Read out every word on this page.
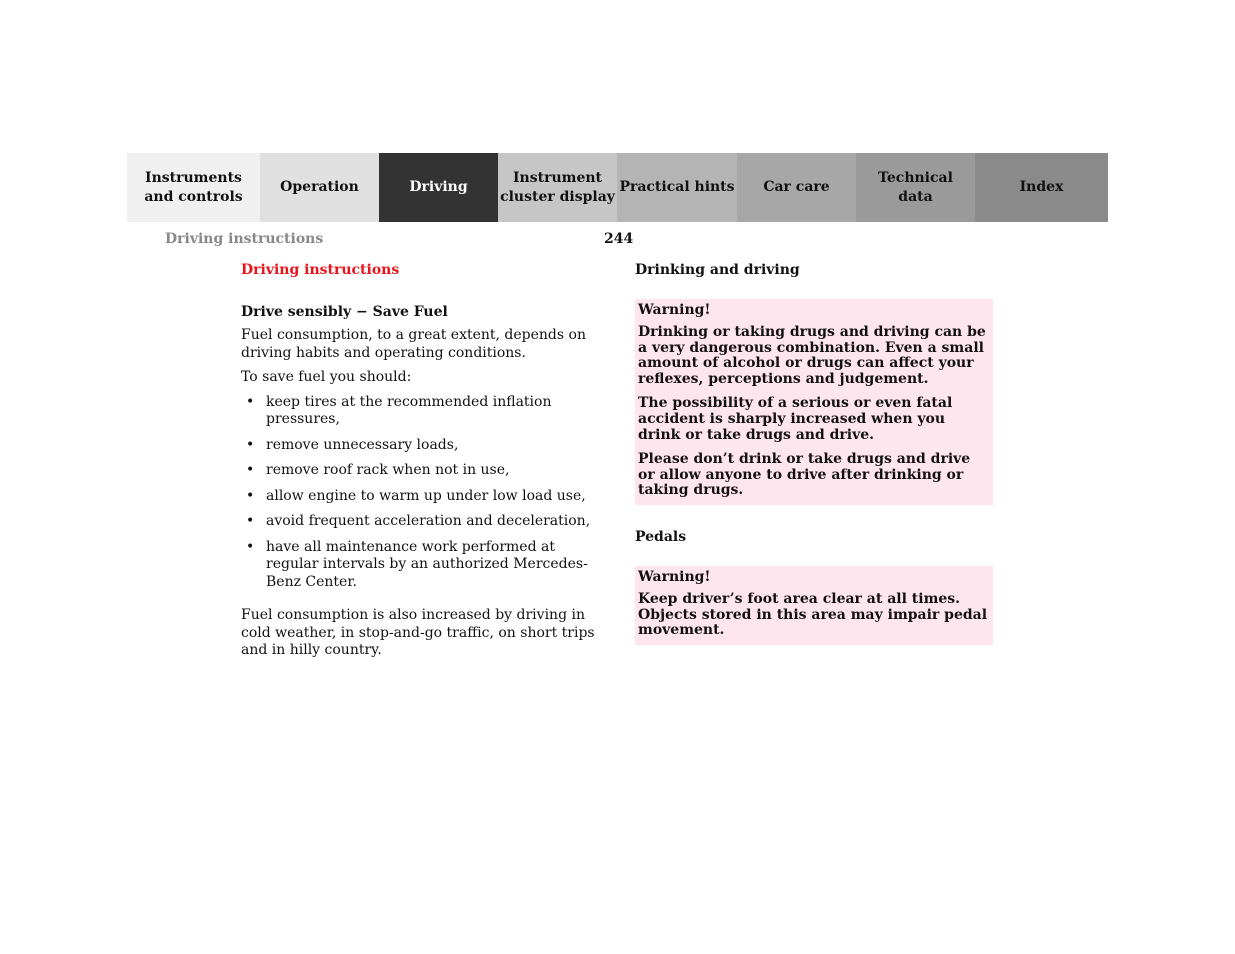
Instruments
and controls
Operation	Driving
Instrument
cluster display
Practical hints	Car care
Technical
data
Index
Driving instructions	244
Driving instructions
Drive sensibly − Save Fuel

Fuel consumption, to a great extent, depends on driving habits and operating conditions.

To save fuel you should:

• keep tires at the recommended inflation pressures,
• remove unnecessary loads,
• remove roof rack when not in use,
• allow engine to warm up under low load use,
• avoid frequent acceleration and deceleration,
• have all maintenance work performed at regular intervals by an authorized Mercedes-Benz Center.

Fuel consumption is also increased by driving in cold weather, in stop-and-go traffic, on short trips and in hilly country.

Drinking and driving
Warning!
Drinking or taking drugs and driving can be a very dangerous combination. Even a small amount of alcohol or drugs can affect your reflexes, perceptions and judgement.
The possibility of a serious or even fatal accident is sharply increased when you drink or take drugs and drive.
Please don’t drink or take drugs and drive or allow anyone to drive after drinking or taking drugs.
Pedals
Warning!
Keep driver’s foot area clear at all times. Objects stored in this area may impair pedal movement.
